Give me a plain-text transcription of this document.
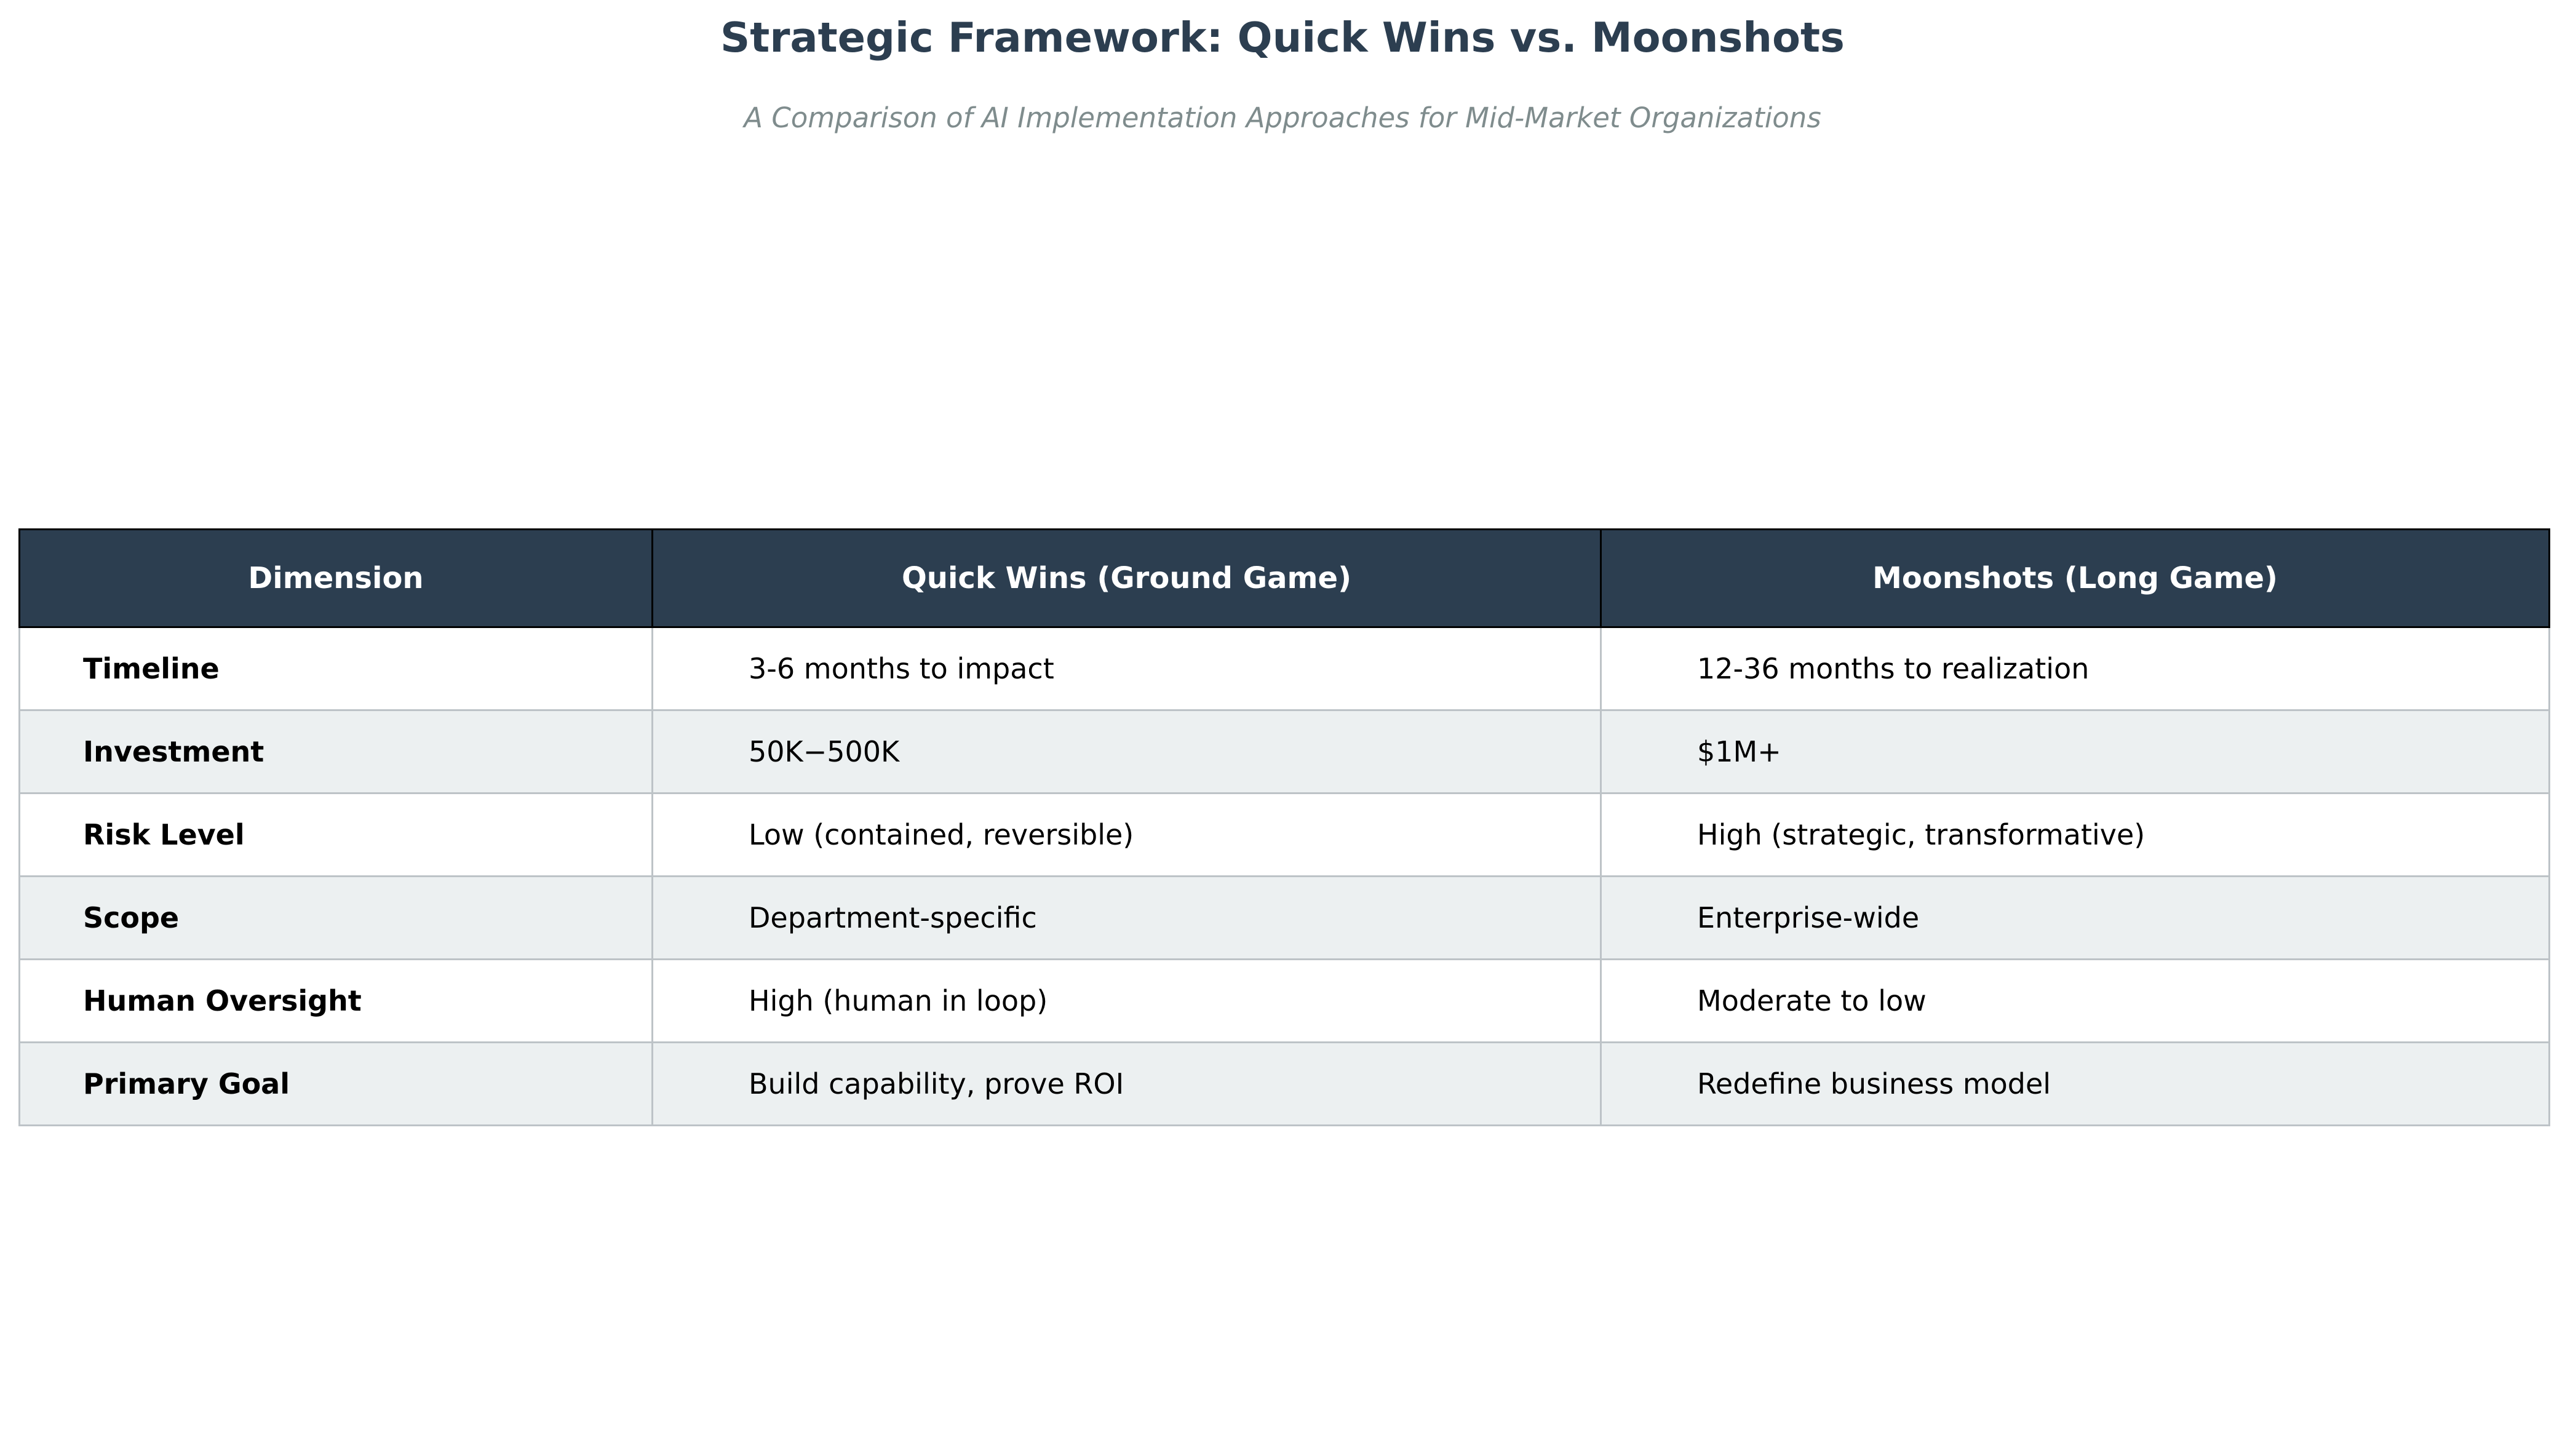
Strategic Framework: Quick Wins vs. Moonshots
A Comparison of AI Implementation Approaches for Mid-Market Organizations
Dimension	Quick Wins (Ground Game)	Moonshots (Long Game)
Timeline	3-6 months to impact	12-36 months to realization
Investment	50K−500K	$1M+
Risk Level	Low (contained, reversible)	High (strategic, transformative)
Scope	Department-specific	Enterprise-wide
Human Oversight	High (human in loop)	Moderate to low
Primary Goal	Build capability, prove ROI	Redefine business model
